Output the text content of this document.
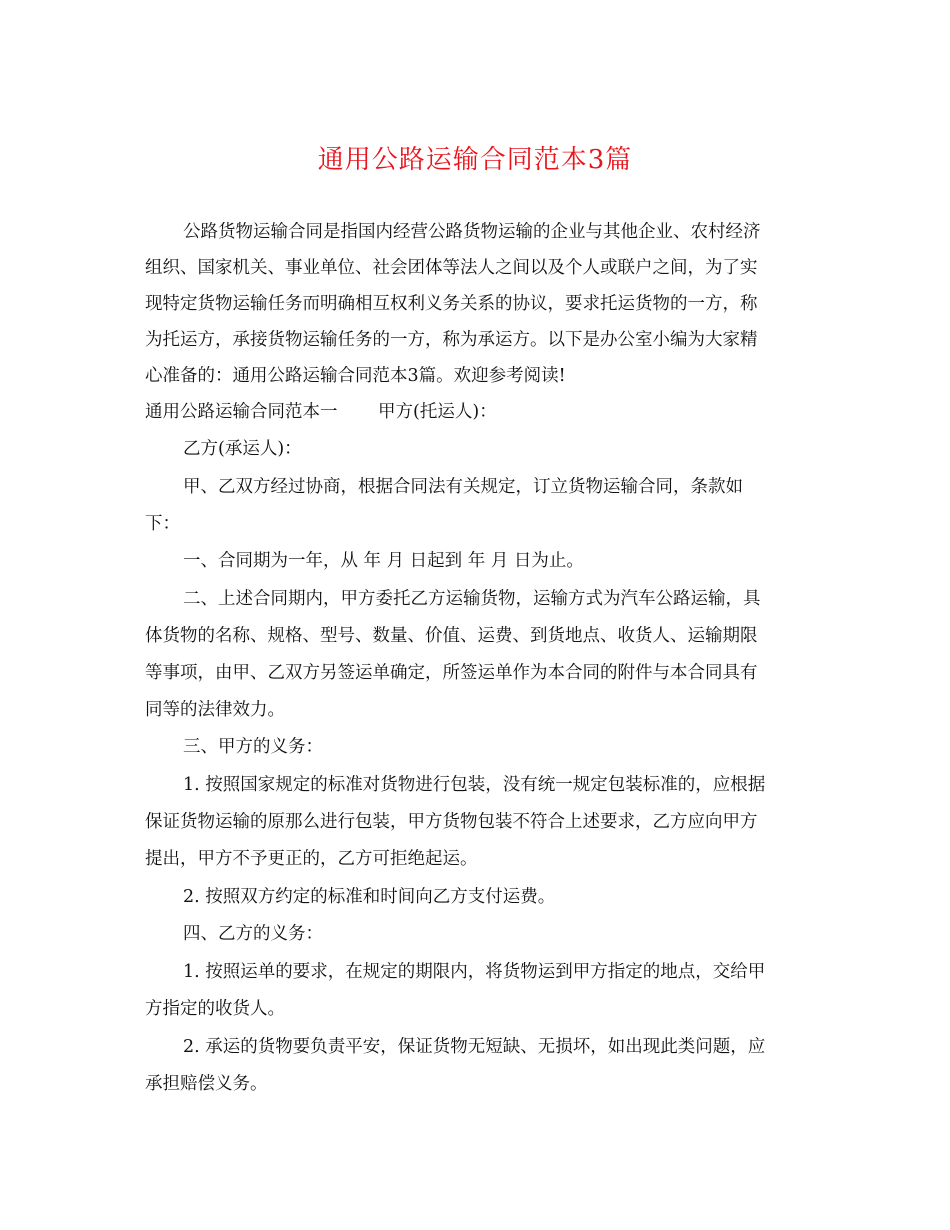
通用公路运输合同范本3篇
公路货物运输合同是指国内经营公路货物运输的企业与其他企业、农村经济
组织、国家机关、事业单位、社会团体等法人之间以及个人或联户之间，为了实
现特定货物运输任务而明确相互权利义务关系的协议，要求托运货物的一方，称
为托运方，承接货物运输任务的一方，称为承运方。以下是办公室小编为大家精
心准备的：通用公路运输合同范本3篇。欢迎参考阅读!
通用公路运输合同范本一　　 甲方(托运人)：
乙方(承运人)：
甲、乙双方经过协商，根据合同法有关规定，订立货物运输合同，条款如
下：
一、合同期为一年，从 年 月 日起到 年 月 日为止。
二、上述合同期内，甲方委托乙方运输货物，运输方式为汽车公路运输，具
体货物的名称、规格、型号、数量、价值、运费、到货地点、收货人、运输期限
等事项，由甲、乙双方另签运单确定，所签运单作为本合同的附件与本合同具有
同等的法律效力。
三、甲方的义务：
1. 按照国家规定的标准对货物进行包装，没有统一规定包装标准的，应根据
保证货物运输的原那么进行包装，甲方货物包装不符合上述要求，乙方应向甲方
提出，甲方不予更正的，乙方可拒绝起运。
2. 按照双方约定的标准和时间向乙方支付运费。
四、乙方的义务：
1. 按照运单的要求，在规定的期限内，将货物运到甲方指定的地点，交给甲
方指定的收货人。
2. 承运的货物要负责平安，保证货物无短缺、无损坏，如出现此类问题，应
承担赔偿义务。
